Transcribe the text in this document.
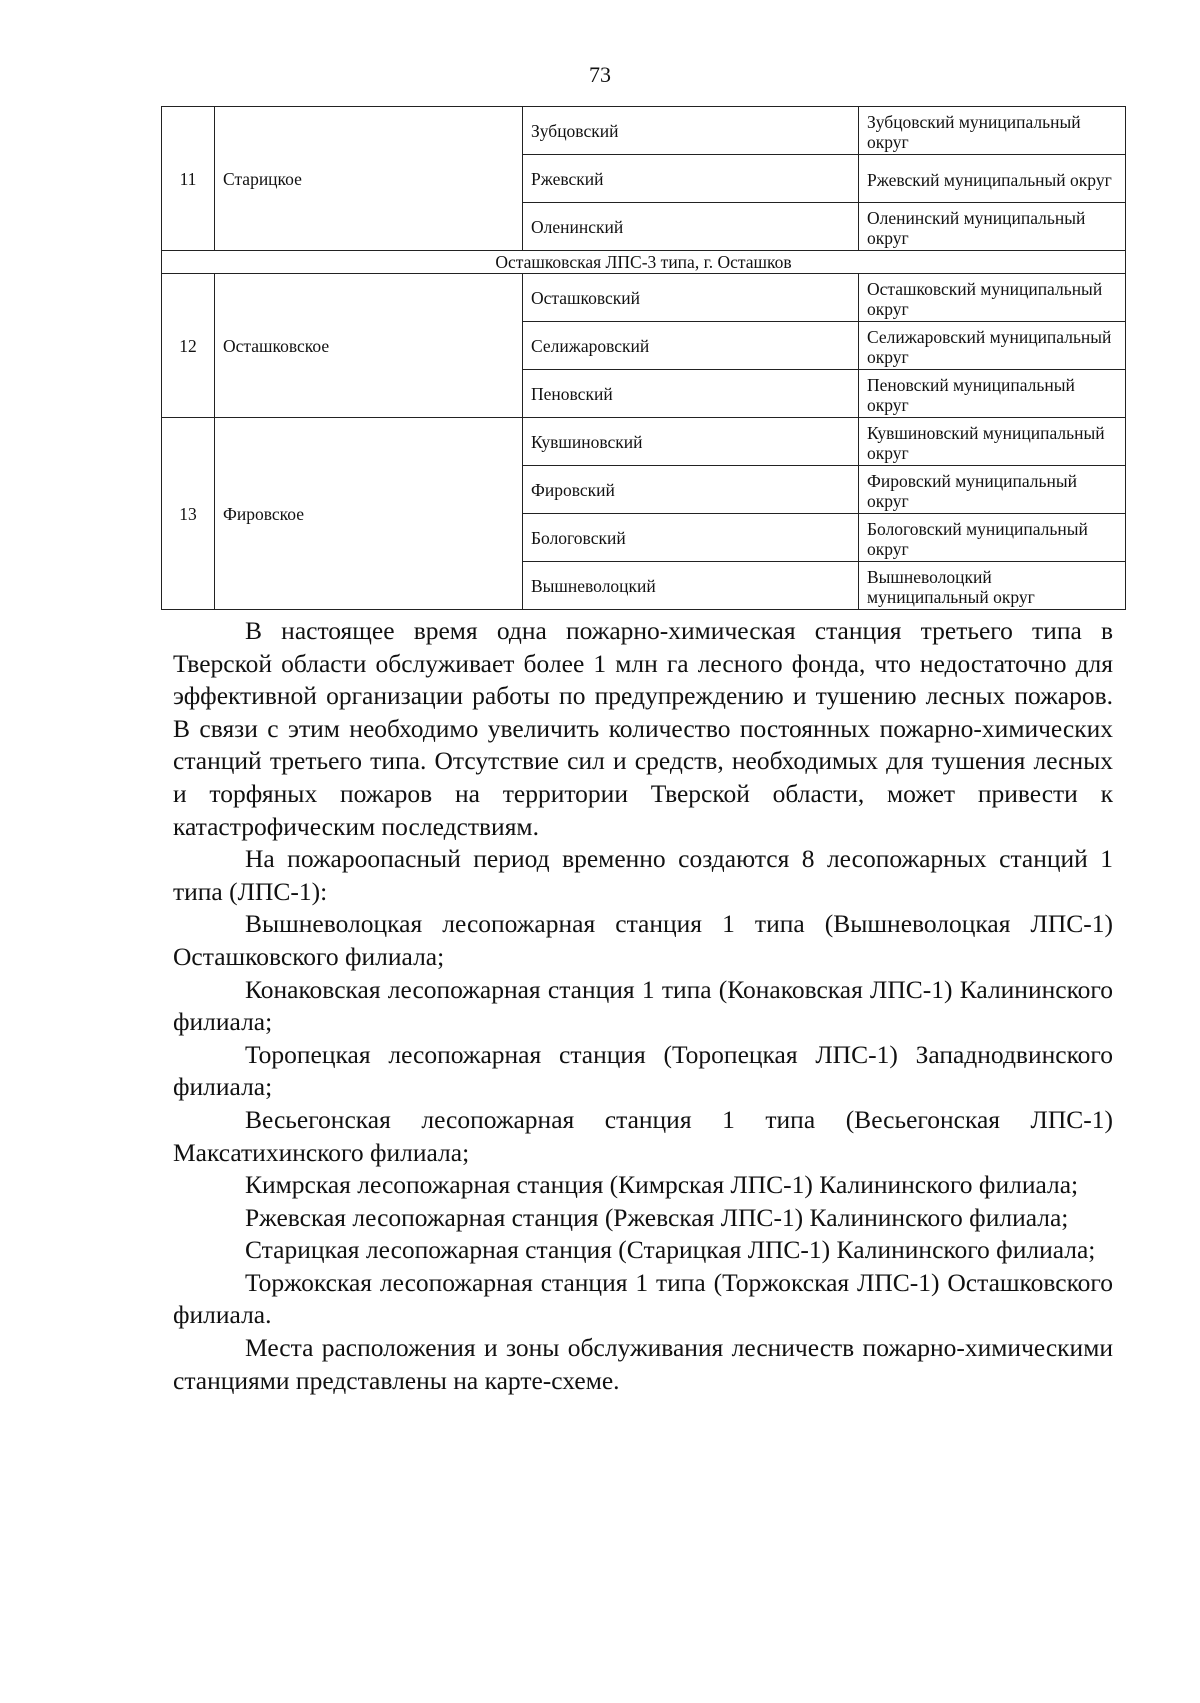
73
11	Старицкое	Зубцовский	Зубцовский муниципальный округ
		Ржевский	Ржевский муниципальный округ
		Оленинский	Оленинский муниципальный округ
Осташковская ЛПС-3 типа, г. Осташков			
12	Осташковское	Осташковский	Осташковский муниципальный округ
		Селижаровский	Селижаровский муниципальный округ
		Пеновский	Пеновский муниципальный округ
13	Фировское	Кувшиновский	Кувшиновский муниципальный округ
		Фировский	Фировский муниципальный округ
		Бологовский	Бологовский муниципальный округ
		Вышневолоцкий	Вышневолоцкий муниципальный округ

В настоящее время одна пожарно-химическая станция третьего типа в Тверской области обслуживает более 1 млн га лесного фонда, что недостаточно для эффективной организации работы по предупреждению и тушению лесных пожаров. В связи с этим необходимо увеличить количество постоянных пожарно-химических станций третьего типа. Отсутствие сил и средств, необходимых для тушения лесных и торфяных пожаров на территории Тверской области, может привести к катастрофическим последствиям.

На пожароопасный период временно создаются 8 лесопожарных станций 1 типа (ЛПС-1):

Вышневолоцкая лесопожарная станция 1 типа (Вышневолоцкая ЛПС-1) Осташковского филиала;

Конаковская лесопожарная станция 1 типа (Конаковская ЛПС-1) Калининского филиала;

Торопецкая лесопожарная станция (Торопецкая ЛПС-1) Западнодвинского филиала;

Весьегонская лесопожарная станция 1 типа (Весьегонская ЛПС-1) Максатихинского филиала;

Кимрская лесопожарная станция (Кимрская ЛПС-1) Калининского филиала;

Ржевская лесопожарная станция (Ржевская ЛПС-1) Калининского филиала;

Старицкая лесопожарная станция (Старицкая ЛПС-1) Калининского филиала;

Торжокская лесопожарная станция 1 типа (Торжокская ЛПС-1) Осташковского филиала.

Места расположения и зоны обслуживания лесничеств пожарно-химическими станциями представлены на карте-схеме.
